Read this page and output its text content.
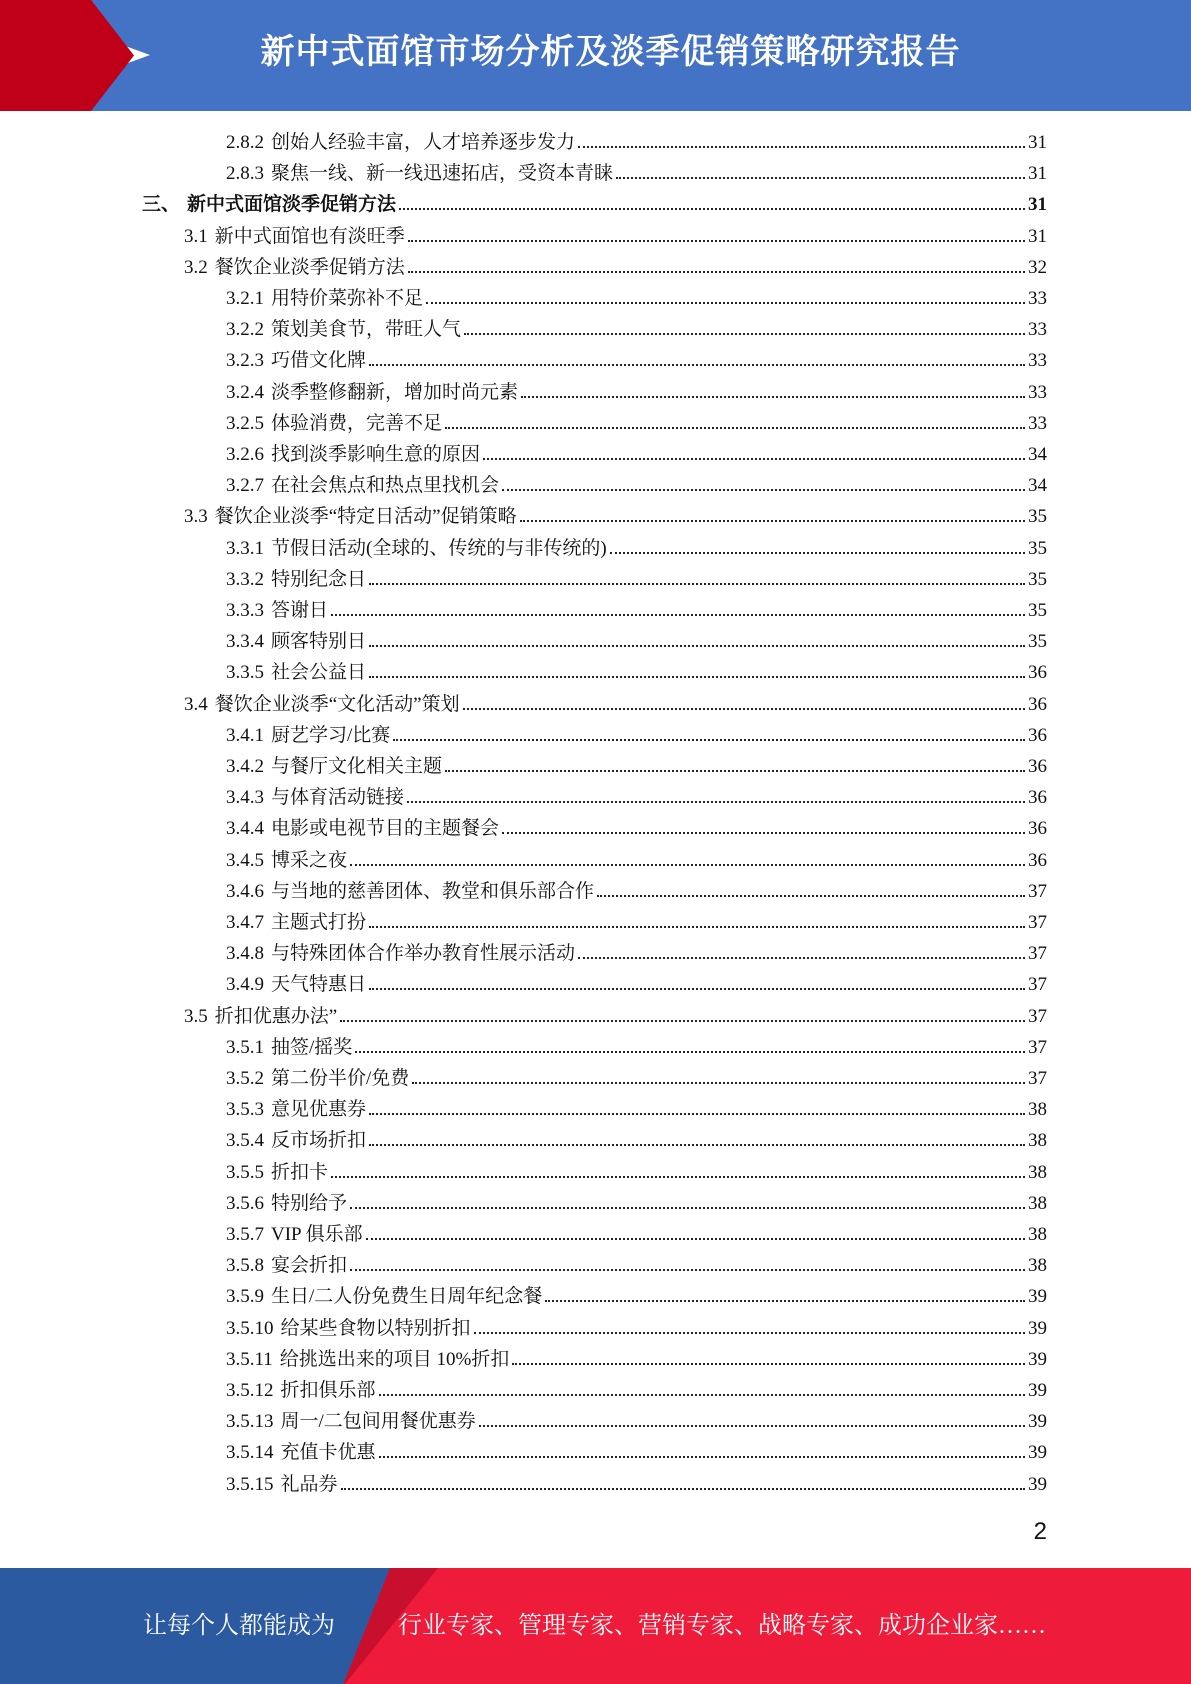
新中式面馆市场分析及淡季促销策略研究报告
2.8.2 创始人经验丰富，人才培养逐步发力	31
2.8.3 聚焦一线、新一线迅速拓店，受资本青睐	31
三、 新中式面馆淡季促销方法	31
3.1 新中式面馆也有淡旺季	31
3.2 餐饮企业淡季促销方法	32
3.2.1 用特价菜弥补不足	33
3.2.2 策划美食节，带旺人气	33
3.2.3 巧借文化牌	33
3.2.4 淡季整修翻新，增加时尚元素	33
3.2.5 体验消费，完善不足	33
3.2.6 找到淡季影响生意的原因	34
3.2.7 在社会焦点和热点里找机会	34
3.3 餐饮企业淡季“特定日活动”促销策略	35
3.3.1 节假日活动(全球的、传统的与非传统的)	35
3.3.2 特别纪念日	35
3.3.3 答谢日	35
3.3.4 顾客特别日	35
3.3.5 社会公益日	36
3.4 餐饮企业淡季“文化活动”策划	36
3.4.1 厨艺学习/比赛	36
3.4.2 与餐厅文化相关主题	36
3.4.3 与体育活动链接	36
3.4.4 电影或电视节目的主题餐会	36
3.4.5 博采之夜	36
3.4.6 与当地的慈善团体、教堂和俱乐部合作	37
3.4.7 主题式打扮	37
3.4.8 与特殊团体合作举办教育性展示活动	37
3.4.9 天气特惠日	37
3.5 折扣优惠办法”	37
3.5.1 抽签/摇奖	37
3.5.2 第二份半价/免费	37
3.5.3 意见优惠券	38
3.5.4 反市场折扣	38
3.5.5 折扣卡	38
3.5.6 特别给予	38
3.5.7 VIP 俱乐部	38
3.5.8 宴会折扣	38
3.5.9 生日/二人份免费生日周年纪念餐	39
3.5.10 给某些食物以特别折扣	39
3.5.11 给挑选出来的项目 10%折扣	39
3.5.12 折扣俱乐部	39
3.5.13 周一/二包间用餐优惠券	39
3.5.14 充值卡优惠	39
3.5.15 礼品券	39
2
让每个人都能成为	行业专家、管理专家、营销专家、战略专家、成功企业家……
